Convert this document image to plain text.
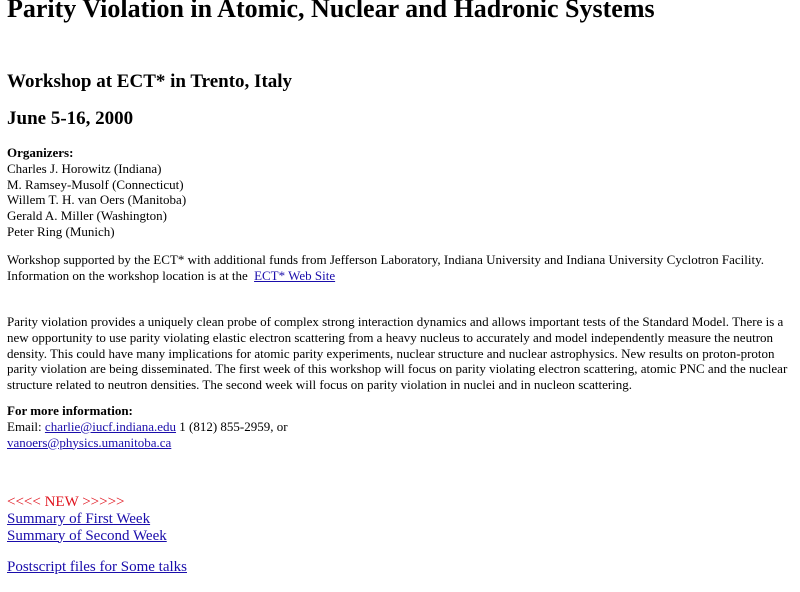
Parity Violation in Atomic, Nuclear and Hadronic Systems
Workshop at ECT* in Trento, Italy
June 5-16, 2000
Organizers:
Charles J. Horowitz (Indiana)
M. Ramsey-Musolf (Connecticut)
Willem T. H. van Oers (Manitoba)
Gerald A. Miller (Washington)
Peter Ring (Munich)
Workshop supported by the ECT* with additional funds from Jefferson Laboratory, Indiana University and Indiana University Cyclotron Facility.
Information on the workshop location is at the ECT* Web Site
Parity violation provides a uniquely clean probe of complex strong interaction dynamics and allows important tests of the Standard Model. There is a new opportunity to use parity violating elastic electron scattering from a heavy nucleus to accurately and model independently measure the neutron density. This could have many implications for atomic parity experiments, nuclear structure and nuclear astrophysics. New results on proton-proton parity violation are being disseminated. The first week of this workshop will focus on parity violating electron scattering, atomic PNC and the nuclear structure related to neutron densities. The second week will focus on parity violation in nuclei and in nucleon scattering.
For more information:
Email: charlie@iucf.indiana.edu 1 (812) 855-2959, or
vanoers@physics.umanitoba.ca
<<<< NEW >>>>>
Summary of First Week
Summary of Second Week
Postscript files for Some talks
